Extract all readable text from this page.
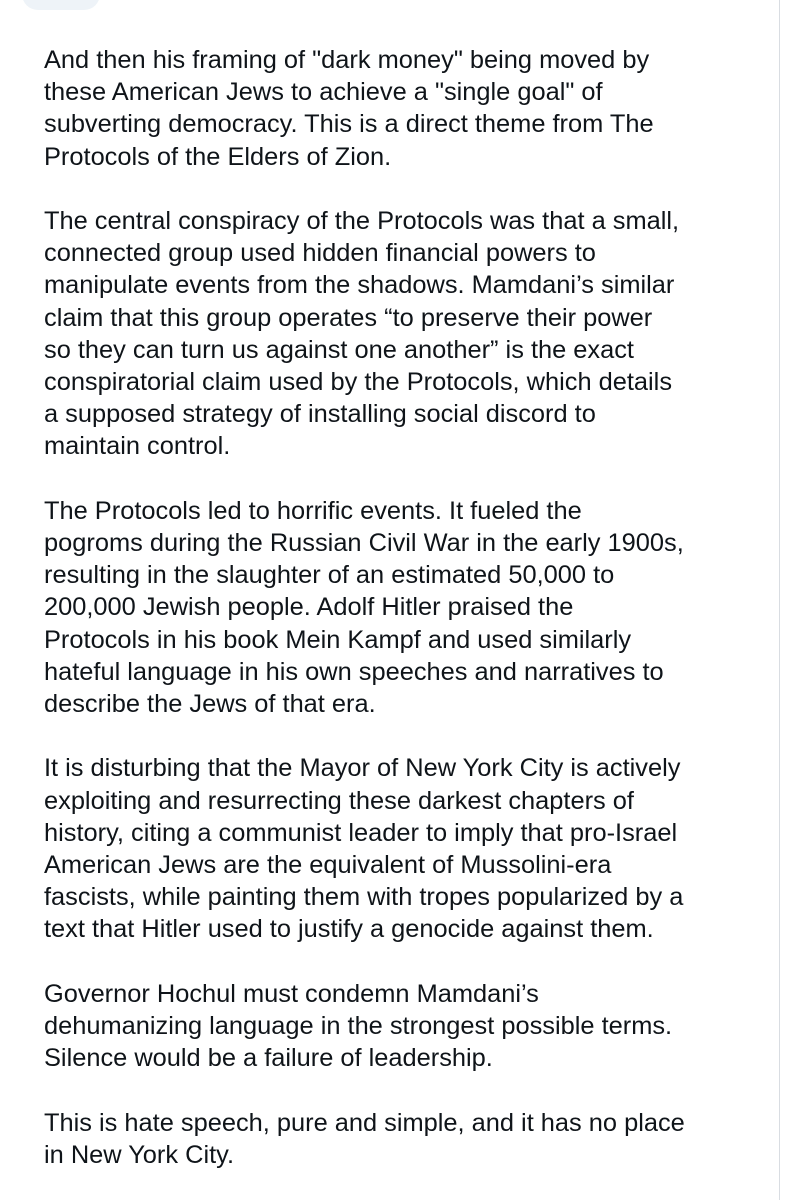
And then his framing of "dark money" being moved by
these American Jews to achieve a "single goal" of
subverting democracy. This is a direct theme from The
Protocols of the Elders of Zion.

The central conspiracy of the Protocols was that a small,
connected group used hidden financial powers to
manipulate events from the shadows. Mamdani’s similar
claim that this group operates “to preserve their power
so they can turn us against one another” is the exact
conspiratorial claim used by the Protocols, which details
a supposed strategy of installing social discord to
maintain control.

The Protocols led to horrific events. It fueled the
pogroms during the Russian Civil War in the early 1900s,
resulting in the slaughter of an estimated 50,000 to
200,000 Jewish people. Adolf Hitler praised the
Protocols in his book Mein Kampf and used similarly
hateful language in his own speeches and narratives to
describe the Jews of that era.

It is disturbing that the Mayor of New York City is actively
exploiting and resurrecting these darkest chapters of
history, citing a communist leader to imply that pro-Israel
American Jews are the equivalent of Mussolini-era
fascists, while painting them with tropes popularized by a
text that Hitler used to justify a genocide against them.

Governor Hochul must condemn Mamdani’s
dehumanizing language in the strongest possible terms.
Silence would be a failure of leadership.

This is hate speech, pure and simple, and it has no place
in New York City.
